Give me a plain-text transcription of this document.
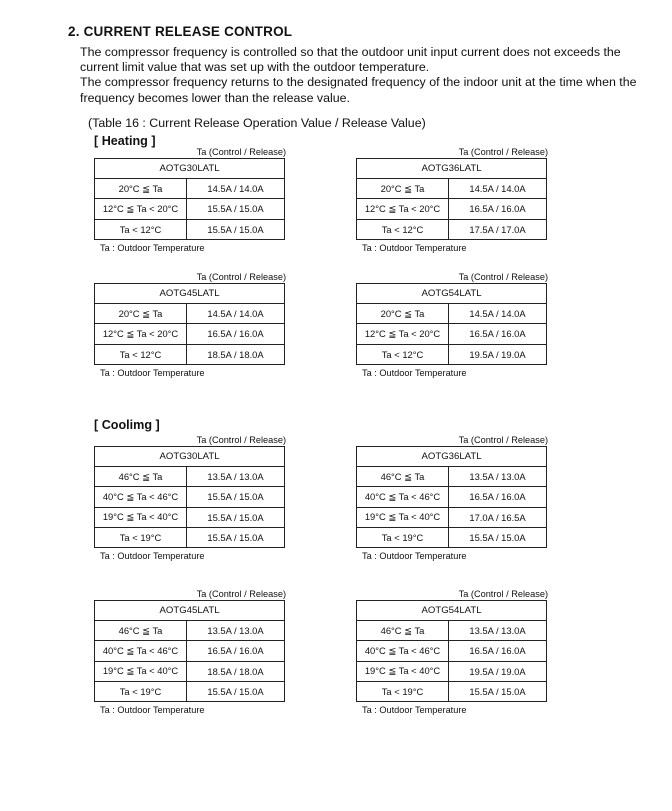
2. CURRENT RELEASE CONTROL

The compressor frequency is controlled so that the outdoor unit input current does not exceeds the current limit value that was set up with the outdoor temperature.

The compressor frequency returns to the designated frequency of the indoor unit at the time when the frequency becomes lower than the release value.

(Table 16 : Current Release Operation Value / Release Value)
[ Heating ]
Ta (Control / Release)
AOTG30LATL	
20°C ≦ Ta	14.5A / 14.0A
12°C ≦ Ta < 20°C	15.5A / 15.0A
Ta < 12°C	15.5A / 15.0A
Ta : Outdoor Temperature
Ta (Control / Release)
AOTG36LATL	
20°C ≦ Ta	14.5A / 14.0A
12°C ≦ Ta < 20°C	16.5A / 16.0A
Ta < 12°C	17.5A / 17.0A
Ta : Outdoor Temperature
Ta (Control / Release)
AOTG45LATL	
20°C ≦ Ta	14.5A / 14.0A
12°C ≦ Ta < 20°C	16.5A / 16.0A
Ta < 12°C	18.5A / 18.0A
Ta : Outdoor Temperature
Ta (Control / Release)
AOTG54LATL	
20°C ≦ Ta	14.5A / 14.0A
12°C ≦ Ta < 20°C	16.5A / 16.0A
Ta < 12°C	19.5A / 19.0A
Ta : Outdoor Temperature
[ Coolimg ]
Ta (Control / Release)
AOTG30LATL	
46°C ≦ Ta	13.5A / 13.0A
40°C ≦ Ta < 46°C	15.5A / 15.0A
19°C ≦ Ta < 40°C	15.5A / 15.0A
Ta < 19°C	15.5A / 15.0A
Ta : Outdoor Temperature
Ta (Control / Release)
AOTG36LATL	
46°C ≦ Ta	13.5A / 13.0A
40°C ≦ Ta < 46°C	16.5A / 16.0A
19°C ≦ Ta < 40°C	17.0A / 16.5A
Ta < 19°C	15.5A / 15.0A
Ta : Outdoor Temperature
Ta (Control / Release)
AOTG45LATL	
46°C ≦ Ta	13.5A / 13.0A
40°C ≦ Ta < 46°C	16.5A / 16.0A
19°C ≦ Ta < 40°C	18.5A / 18.0A
Ta < 19°C	15.5A / 15.0A
Ta : Outdoor Temperature
Ta (Control / Release)
AOTG54LATL	
46°C ≦ Ta	13.5A / 13.0A
40°C ≦ Ta < 46°C	16.5A / 16.0A
19°C ≦ Ta < 40°C	19.5A / 19.0A
Ta < 19°C	15.5A / 15.0A
Ta : Outdoor Temperature
